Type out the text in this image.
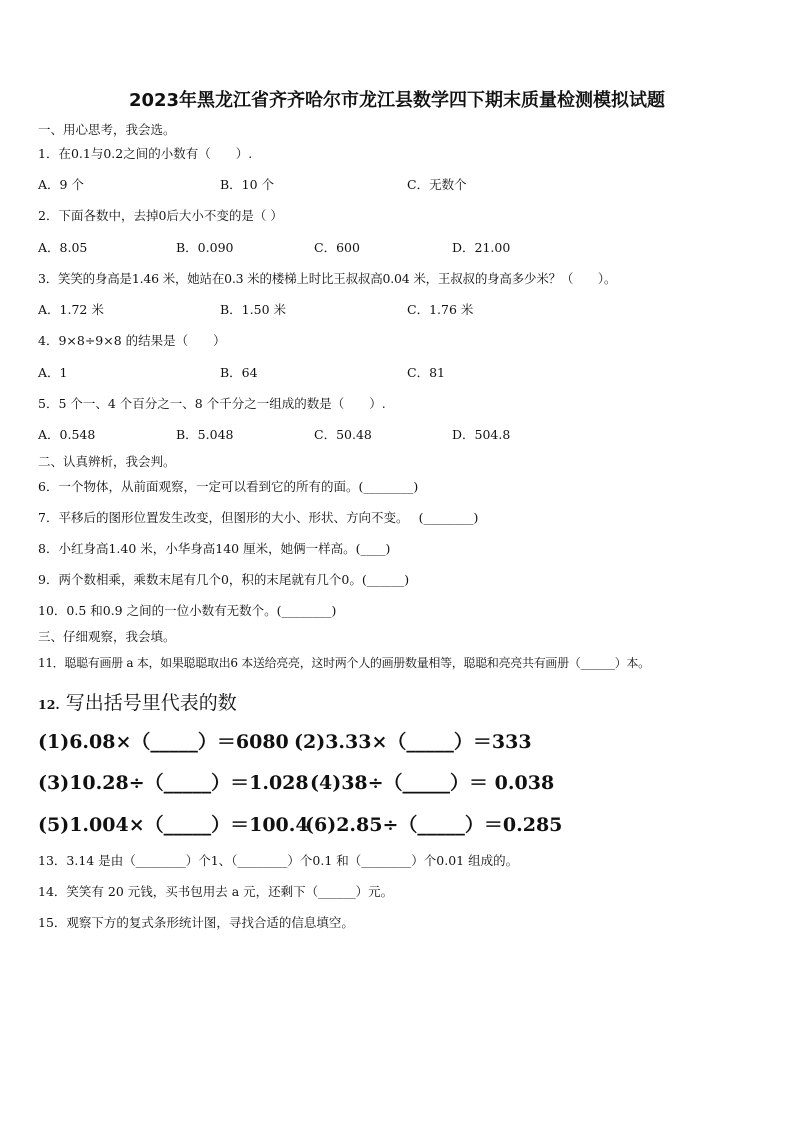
2023年黑龙江省齐齐哈尔市龙江县数学四下期末质量检测模拟试题
一、用心思考，我会选。
1．在0.1与0.2之间的小数有（　　）.
A．9 个	B．10 个	C．无数个
2．下面各数中，去掉0后大小不变的是（ ）
A．8.05	B．0.090	C．600	D．21.00
3．笑笑的身高是1.46 米，她站在0.3 米的楼梯上时比王叔叔高0.04 米，王叔叔的身高多少米？（　　）。
A．1.72 米	B．1.50 米	C．1.76 米
4．9×8÷9×8 的结果是（　　）
A．1	B．64	C．81
5．5 个一、4 个百分之一、8 个千分之一组成的数是（　　）.
A．0.548	B．5.048	C．50.48	D．504.8
二、认真辨析，我会判。
6．一个物体，从前面观察，一定可以看到它的所有的面。(________)
7．平移后的图形位置发生改变，但图形的大小、形状、方向不变。　 (________)
8．小红身高1.40 米，小华身高140 厘米，她俩一样高。(____)
9．两个数相乘，乘数末尾有几个0，积的末尾就有几个0。(______)
10．0.5 和0.9 之间的一位小数有无数个。(________)
三、仔细观察，我会填。
11．聪聪有画册 a 本，如果聪聪取出6 本送给亮亮，这时两个人的画册数量相等，聪聪和亮亮共有画册（______）本。
12. 写出括号里代表的数
(1)6.08×（_____）＝6080 (2)3.33×（_____）＝333
(3)10.28÷（_____）＝1.028 (4)38÷（_____）＝ 0.038
(5)1.004×（_____）＝100.4
(6)2.85÷（_____）＝0.285
13．3.14 是由（________）个1、（________）个0.1 和（________）个0.01 组成的。
14．笑笑有 20 元钱，买书包用去 a 元，还剩下（______）元。
15．观察下方的复式条形统计图，寻找合适的信息填空。
